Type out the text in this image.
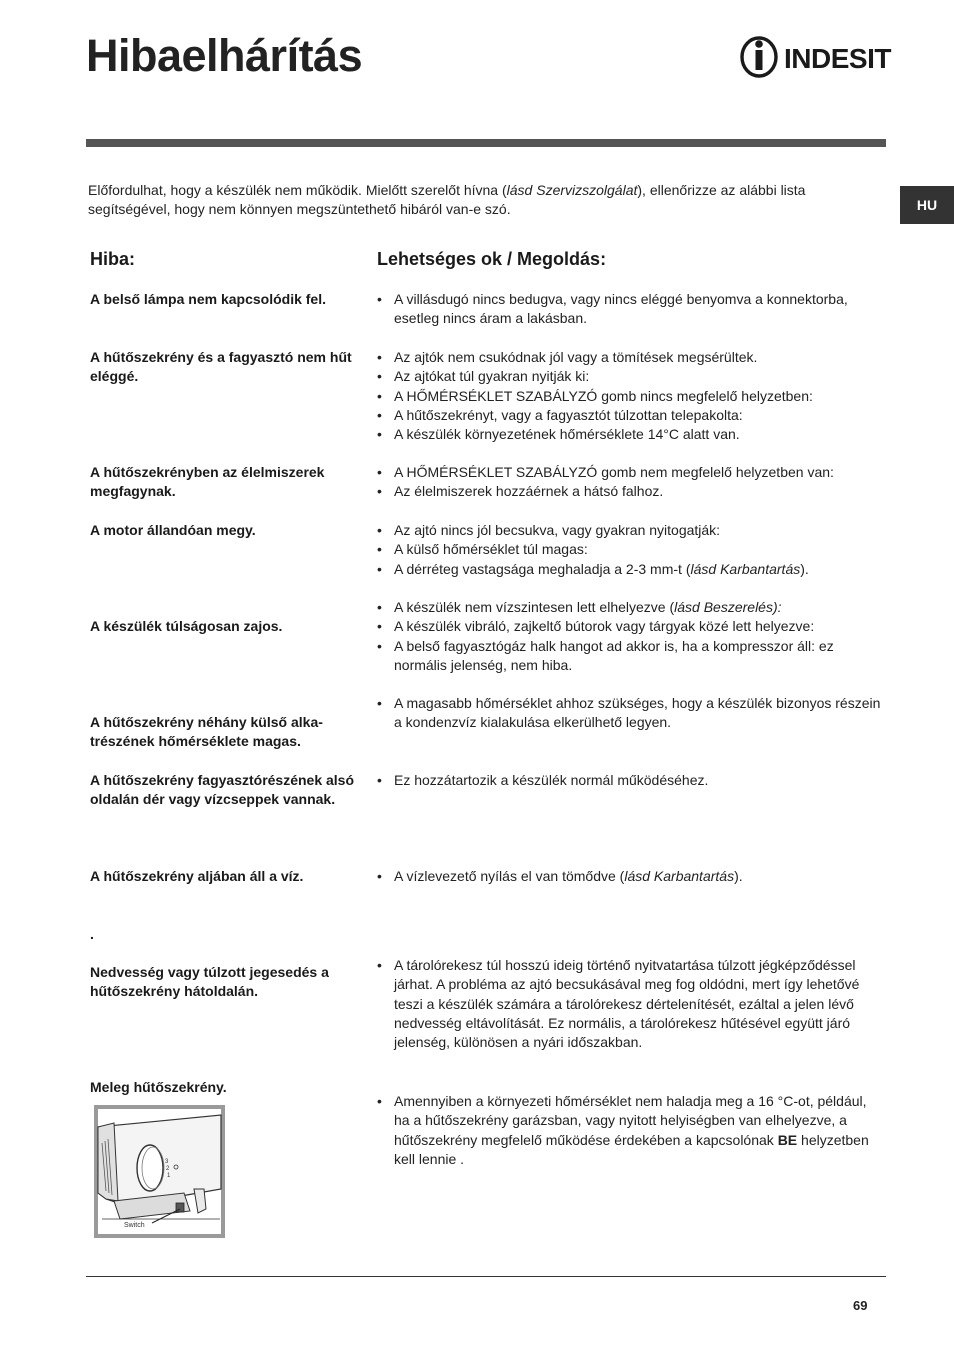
Hibaelhárítás	INDESIT
HU
Előfordulhat, hogy a készülék nem működik. Mielőtt szerelőt hívna (lásd Szervizszolgálat), ellenőrizze az alábbi lista segítségével, hogy nem könnyen megszüntethető hibáról van-e szó.
Hiba:	Lehetséges ok / Megoldás:
A belső lámpa nem kapcsolódik fel.
A hűtőszekrény és a fagyasztó nem hűt eléggé.
A hűtőszekrényben az élelmiszerek megfagynak.
A motor állandóan megy.
A készülék túlságosan zajos.
A hűtőszekrény néhány külső alka-trészének hőmérséklete magas.
A hűtőszekrény fagyasztórészének alsó oldalán dér vagy vízcseppek vannak.
A hűtőszekrény aljában áll a víz.
.
Nedvesség vagy túlzott jegesedés a hűtőszekrény hátoldalán.
Meleg hűtőszekrény.
• A villásdugó nincs bedugva, vagy nincs eléggé benyomva a konnektorba, esetleg nincs áram a lakásban.
• Az ajtók nem csukódnak jól vagy a tömítések megsérültek.
• Az ajtókat túl gyakran nyitják ki:
• A HŐMÉRSÉKLET SZABÁLYZÓ gomb nincs megfelelő helyzetben:
• A hűtőszekrényt, vagy a fagyasztót túlzottan telepakolta:
• A készülék környezetének hőmérséklete 14°C alatt van.
• A HŐMÉRSÉKLET SZABÁLYZÓ gomb nem megfelelő helyzetben van:
• Az élelmiszerek hozzáérnek a hátsó falhoz.
• Az ajtó nincs jól becsukva, vagy gyakran nyitogatják:
• A külső hőmérséklet túl magas:
• A dérréteg vastagsága meghaladja a 2-3 mm-t (lásd Karbantartás).
• A készülék nem vízszintesen lett elhelyezve (lásd Beszerelés):
• A készülék vibráló, zajkeltő bútorok vagy tárgyak közé lett helyezve:
• A belső fagyasztógáz halk hangot ad akkor is, ha a kompresszor áll: ez normális jelenség, nem hiba.
• A magasabb hőmérséklet ahhoz szükséges, hogy a készülék bizonyos részein a kondenzvíz kialakulása elkerülhető legyen.
• Ez hozzátartozik a készülék normál működéséhez.
• A vízlevezető nyílás el van tömődve (lásd Karbantartás).
• A tárolórekesz túl hosszú ideig történő nyitvatartása túlzott jégképződéssel járhat. A probléma az ajtó becsukásával meg fog oldódni, mert így lehetővé teszi a készülék számára a tárolórekesz dértelenítését, ezáltal a jelen lévő nedvesség eltávolítását. Ez normális, a tárolórekesz hűtésével együtt járó jelenség, különösen a nyári időszakban.
• Amennyiben a környezeti hőmérséklet nem haladja meg a 16 °C-ot, például, ha a hűtőszekrény garázsban, vagy nyitott helyiségben van elhelyezve, a hűtőszekrény megfelelő működése érdekében a kapcsolónak BE helyzetben kell lennie .
3
2
1
Switch
69
